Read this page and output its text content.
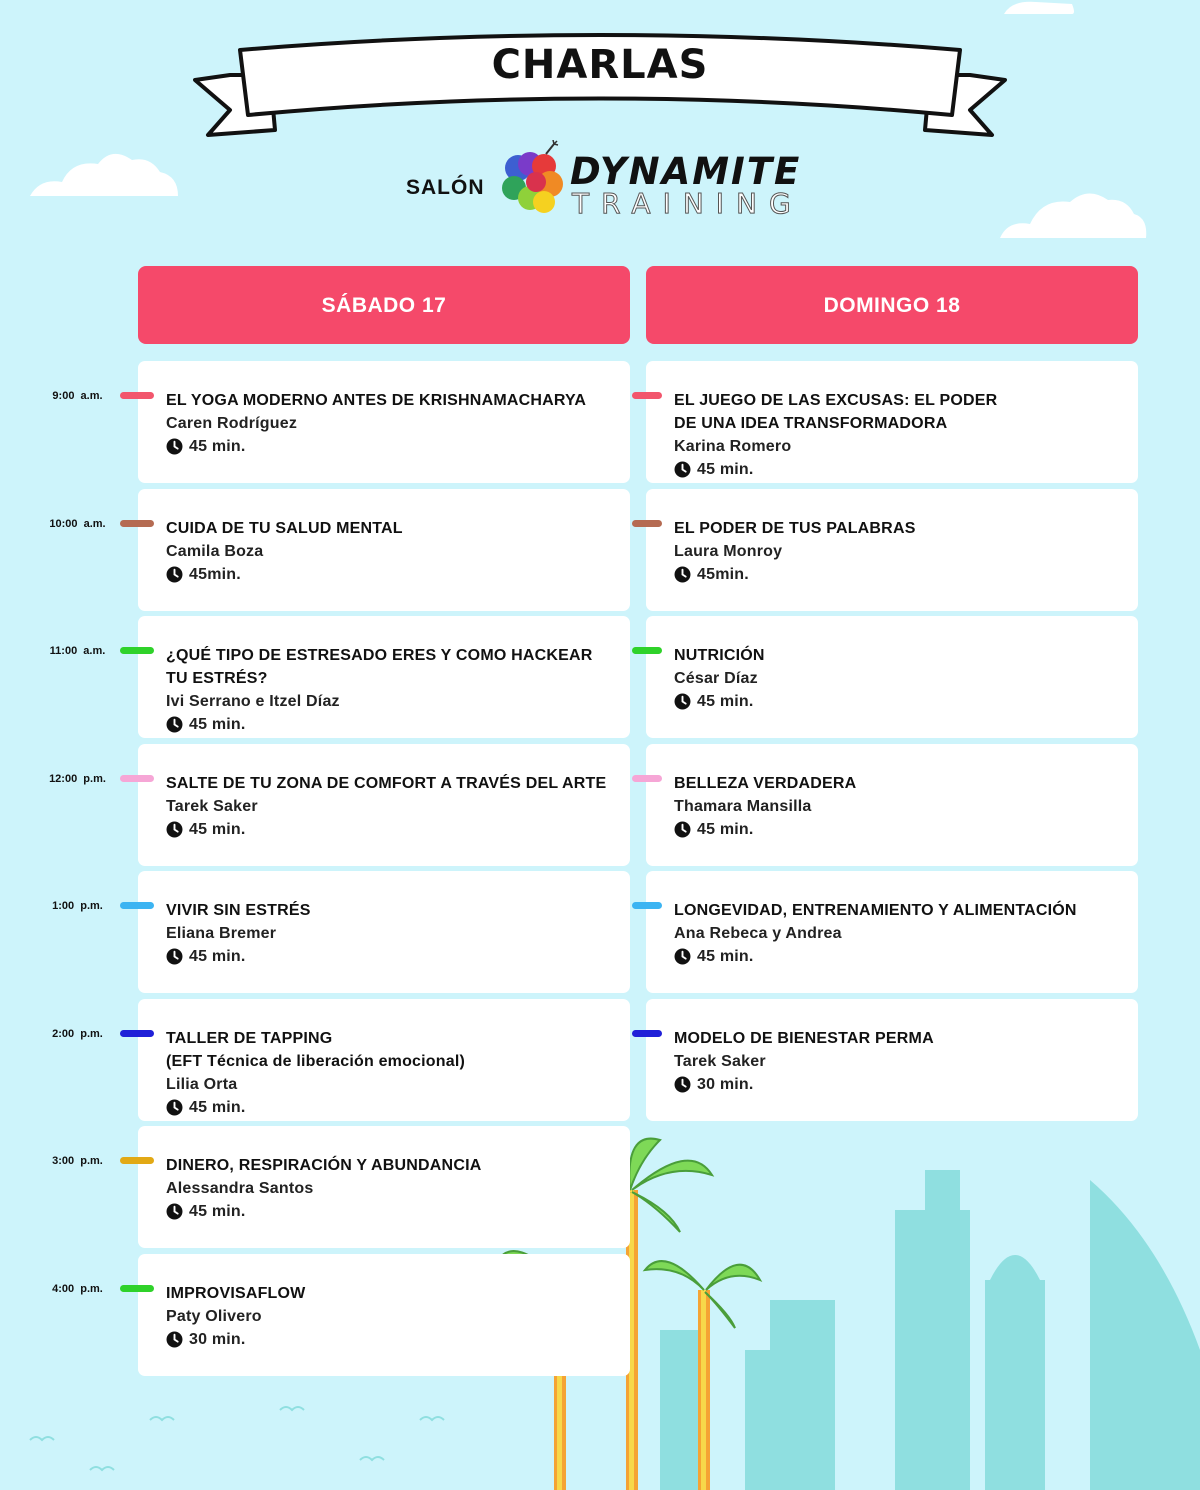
CHARLAS
SALÓN DYNAMITE
TRAINING
SÁBADO 17	DOMINGO 18
EL YOGA MODERNO ANTES DE KRISHNAMACHARYA
Caren Rodríguez
45 min.
9:00  a.m.
CUIDA DE TU SALUD MENTAL
Camila Boza
45min.
10:00  a.m.
¿QUÉ TIPO DE ESTRESADO ERES Y COMO HACKEAR
TU ESTRÉS?
Ivi Serrano e Itzel Díaz
45 min.
11:00  a.m.
SALTE DE TU ZONA DE COMFORT A TRAVÉS DEL ARTE
Tarek Saker
45 min.
12:00  p.m.
VIVIR SIN ESTRÉS
Eliana Bremer
45 min.
1:00  p.m.
TALLER DE TAPPING
(EFT Técnica de liberación emocional)
Lilia Orta
45 min.
2:00  p.m.
DINERO, RESPIRACIÓN Y ABUNDANCIA
Alessandra Santos
45 min.
3:00  p.m.
IMPROVISAFLOW
Paty Olivero
30 min.
4:00  p.m.
EL JUEGO DE LAS EXCUSAS: EL PODER
DE UNA IDEA TRANSFORMADORA
Karina Romero
45 min.
EL PODER DE TUS PALABRAS
Laura Monroy
45min.
NUTRICIÓN
César Díaz
45 min.
BELLEZA VERDADERA
Thamara Mansilla
45 min.
LONGEVIDAD, ENTRENAMIENTO Y ALIMENTACIÓN
Ana Rebeca y Andrea
45 min.
MODELO DE BIENESTAR PERMA
Tarek Saker
30 min.
